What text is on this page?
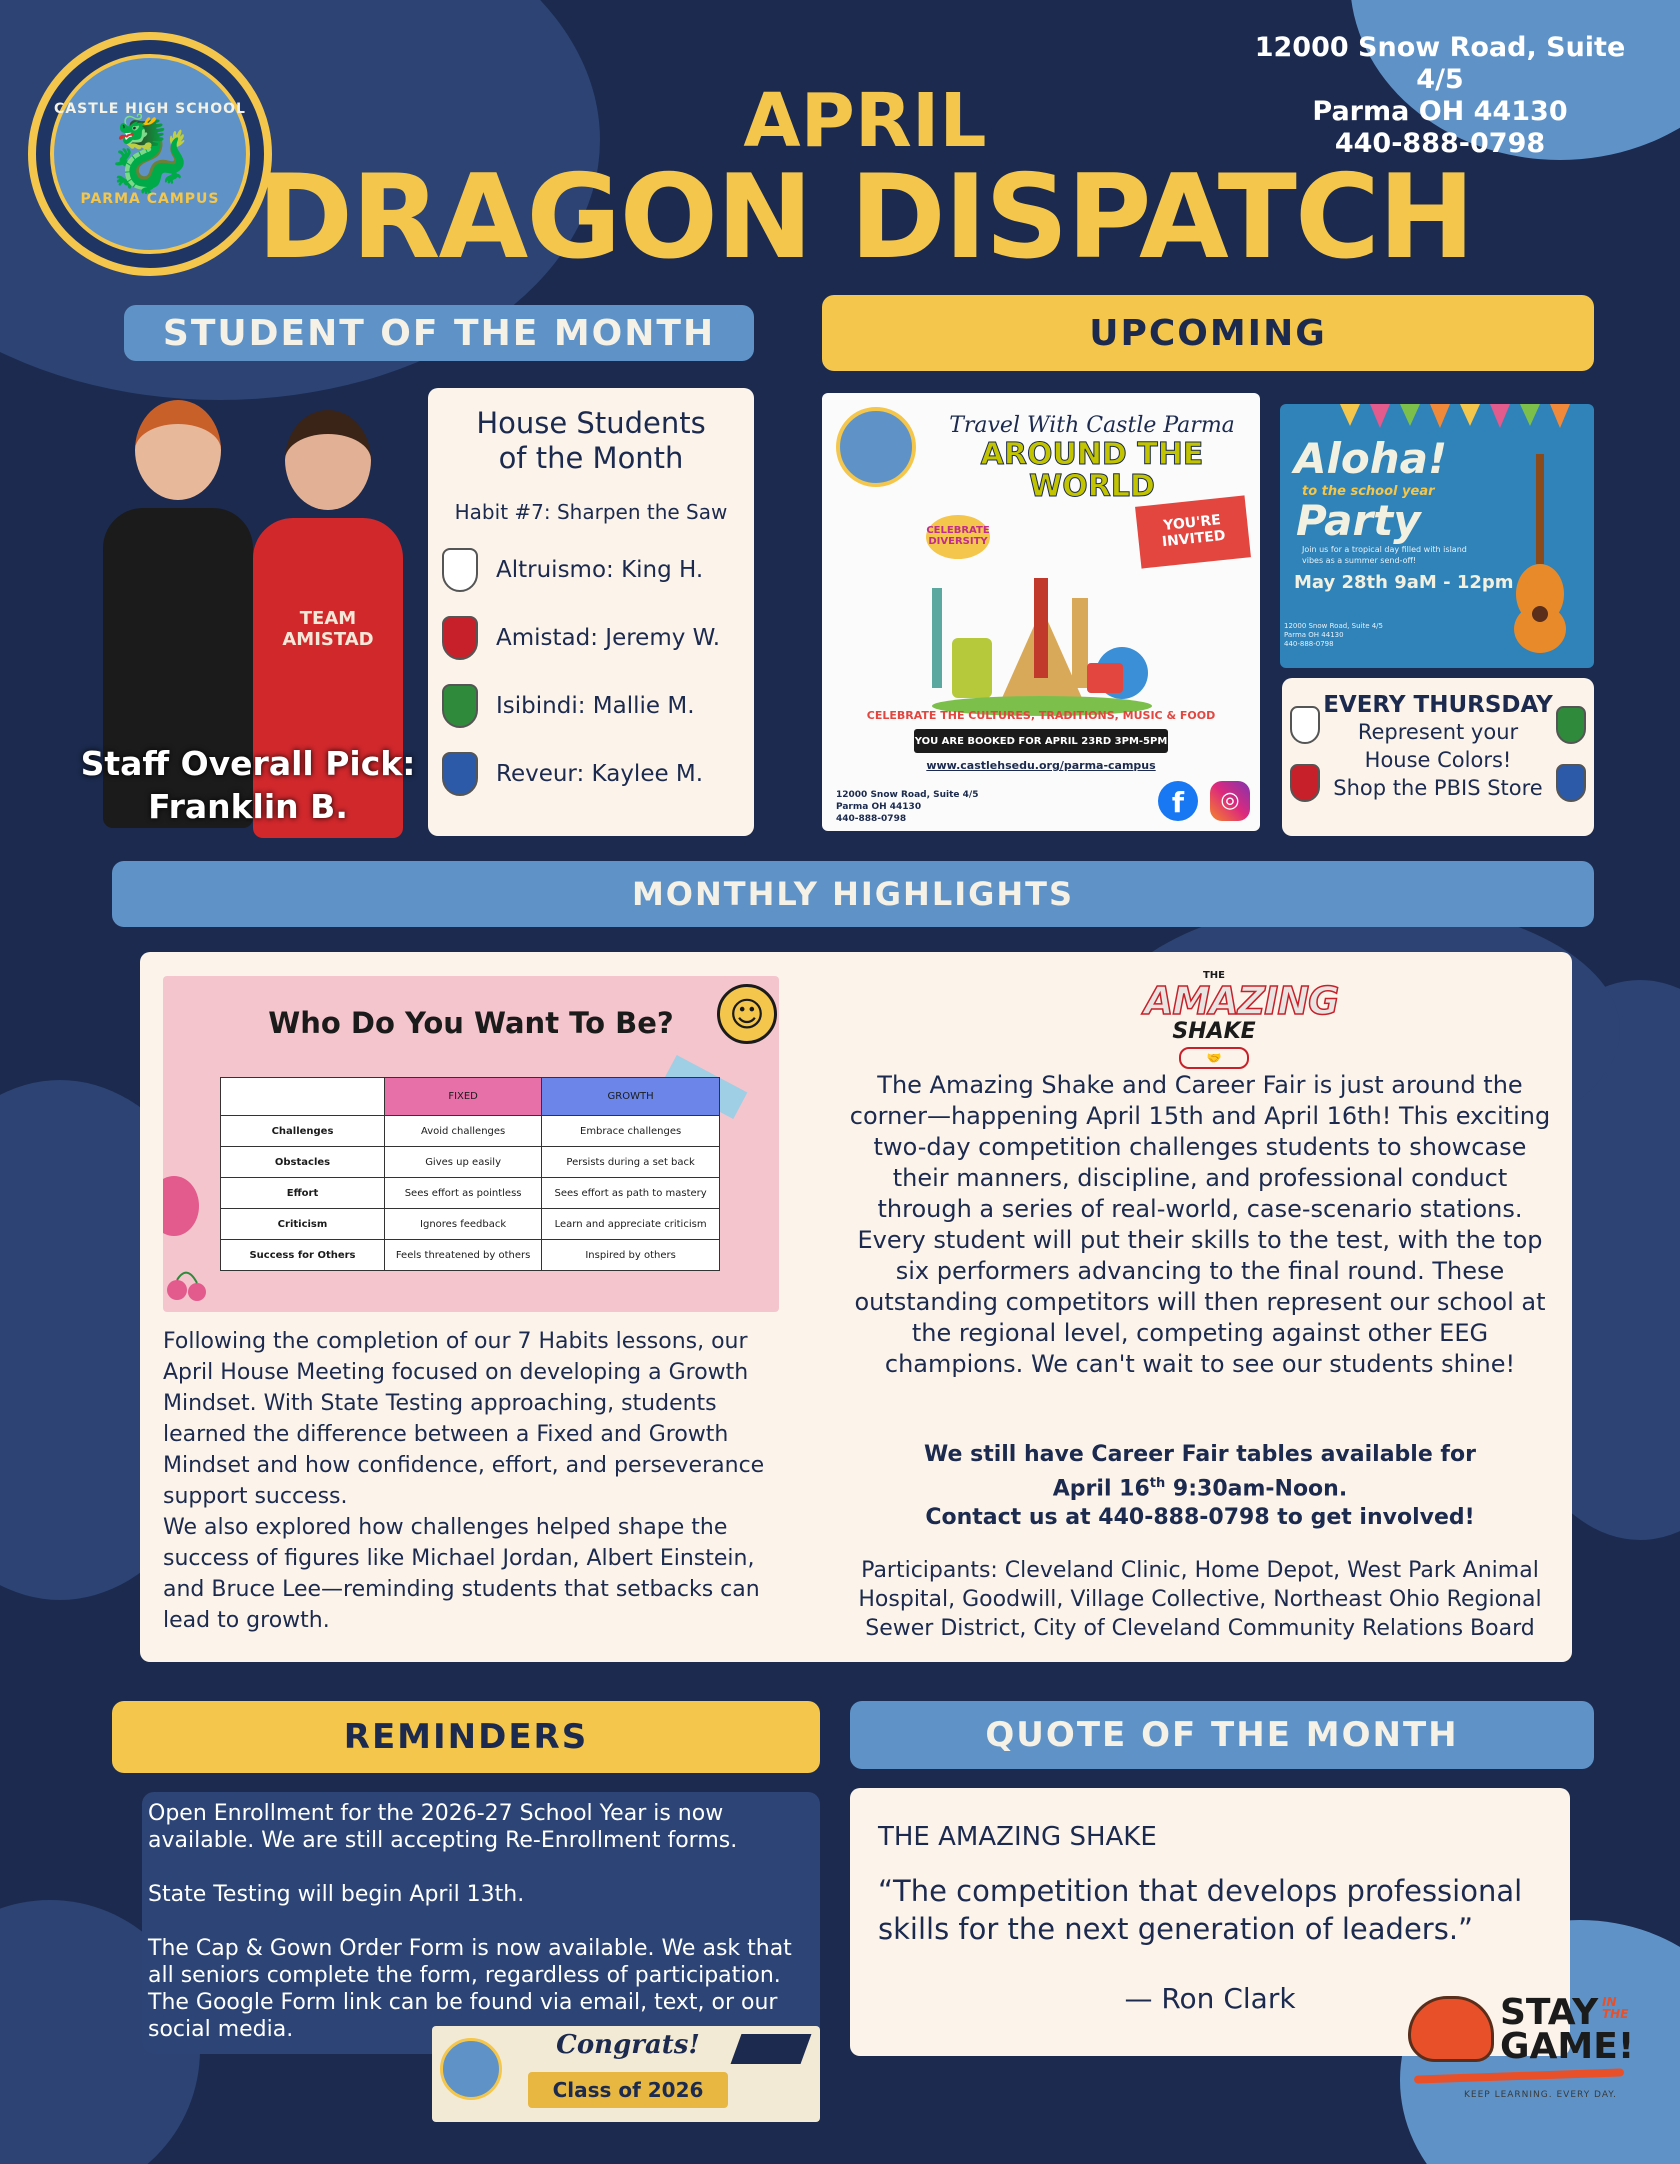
CASTLE HIGH SCHOOL
🐉
PARMA CAMPUS
12000 Snow Road, Suite 4/5
Parma OH 44130
440-888-0798
APRIL
DRAGON DISPATCH
STUDENT OF THE MONTH
TEAM AMISTAD
Staff Overall Pick:
Franklin B.
House Students
of the Month
Habit #7: Sharpen the Saw
Altruismo: King H.
Amistad: Jeremy W.
Isibindi: Mallie M.
Reveur: Kaylee M.
UPCOMING
Travel With Castle Parma
AROUND THE WORLD
CELEBRATE DIVERSITY
YOU'RE INVITED
CELEBRATE THE CULTURES, TRADITIONS, MUSIC & FOOD
YOU ARE BOOKED FOR APRIL 23RD 3PM-5PM
www.castlehsedu.org/parma-campus
12000 Snow Road, Suite 4/5
Parma OH 44130
440-888-0798	f	◎
Aloha!
to the school year
Party
Join us for a tropical day filled with island vibes as a summer send-off!
May 28th 9aM - 12pm
12000 Snow Road, Suite 4/5
Parma OH 44130
440-888-0798
EVERY THURSDAY
Represent your
House Colors!
Shop the PBIS Store
MONTHLY HIGHLIGHTS
Who Do You Want To Be?	☺
	FIXED	GROWTH
Challenges	Avoid challenges	Embrace challenges
Obstacles	Gives up easily	Persists during a set back
Effort	Sees effort as pointless	Sees effort as path to mastery
Criticism	Ignores feedback	Learn and appreciate criticism
Success for Others	Feels threatened by others	Inspired by others
Following the completion of our 7 Habits lessons, our April House Meeting focused on developing a Growth Mindset. With State Testing approaching, students learned the difference between a Fixed and Growth Mindset and how confidence, effort, and perseverance support success.
We also explored how challenges helped shape the success of figures like Michael Jordan, Albert Einstein, and Bruce Lee—reminding students that setbacks can lead to growth.
THE
AMAZING
SHAKE
🤝
The Amazing Shake and Career Fair is just around the corner—happening April 15th and April 16th! This exciting two-day competition challenges students to showcase their manners, discipline, and professional conduct through a series of real-world, case-scenario stations. Every student will put their skills to the test, with the top six performers advancing to the final round. These outstanding competitors will then represent our school at the regional level, competing against other EEG champions. We can't wait to see our students shine!
We still have Career Fair tables available for
April 16th 9:30am-Noon.
Contact us at 440-888-0798 to get involved!
Participants: Cleveland Clinic, Home Depot, West Park Animal Hospital, Goodwill, Village Collective, Northeast Ohio Regional Sewer District, City of Cleveland Community Relations Board
REMINDERS

Open Enrollment for the 2026-27 School Year is now available. We are still accepting Re-Enrollment forms.

State Testing will begin April 13th.

The Cap & Gown Order Form is now available. We ask that all seniors complete the form, regardless of participation. The Google Form link can be found via email, text, or our social media.

Congrats!
Class of 2026
QUOTE OF THE MONTH
THE AMAZING SHAKE
“The competition that develops professional skills for the next generation of leaders.”
— Ron Clark	STAY
GAME!
IN THE
KEEP LEARNING. EVERY DAY.
